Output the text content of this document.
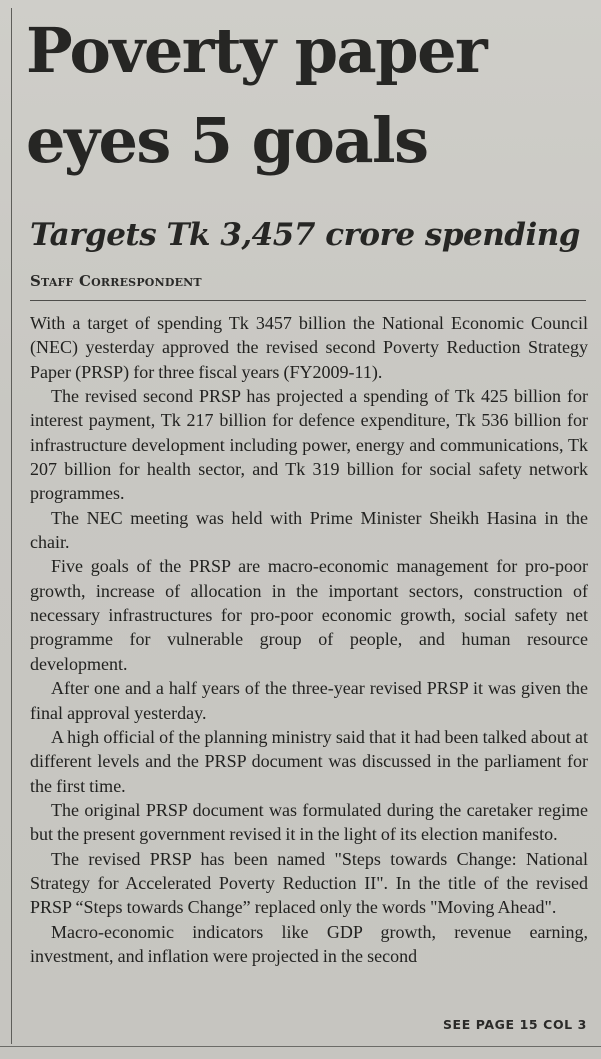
Poverty paper eyes 5 goals
Targets Tk 3,457 crore spending
Staff Correspondent

With a target of spending Tk 3457 billion the National Economic Council (NEC) yesterday approved the revised second Poverty Reduction Strategy Paper (PRSP) for three fiscal years (FY2009-11).

The revised second PRSP has projected a spending of Tk 425 billion for interest payment, Tk 217 billion for defence expenditure, Tk 536 billion for infrastructure development including power, energy and communications, Tk 207 billion for health sector, and Tk 319 billion for social safety network programmes.

The NEC meeting was held with Prime Minister Sheikh Hasina in the chair.

Five goals of the PRSP are macro-economic management for pro-poor growth, increase of allocation in the important sectors, construction of necessary infrastructures for pro-poor economic growth, social safety net programme for vulnerable group of people, and human resource development.

After one and a half years of the three-year revised PRSP it was given the final approval yesterday.

A high official of the planning ministry said that it had been talked about at different levels and the PRSP document was discussed in the parliament for the first time.

The original PRSP document was formulated during the caretaker regime but the present government revised it in the light of its election manifesto.

The revised PRSP has been named "Steps towards Change: National Strategy for Accelerated Poverty Reduction II". In the title of the revised PRSP “Steps towards Change” replaced only the words "Moving Ahead".

Macro-economic indicators like GDP growth, revenue earning, investment, and inflation were projected in the second

SEE PAGE 15 COL 3
